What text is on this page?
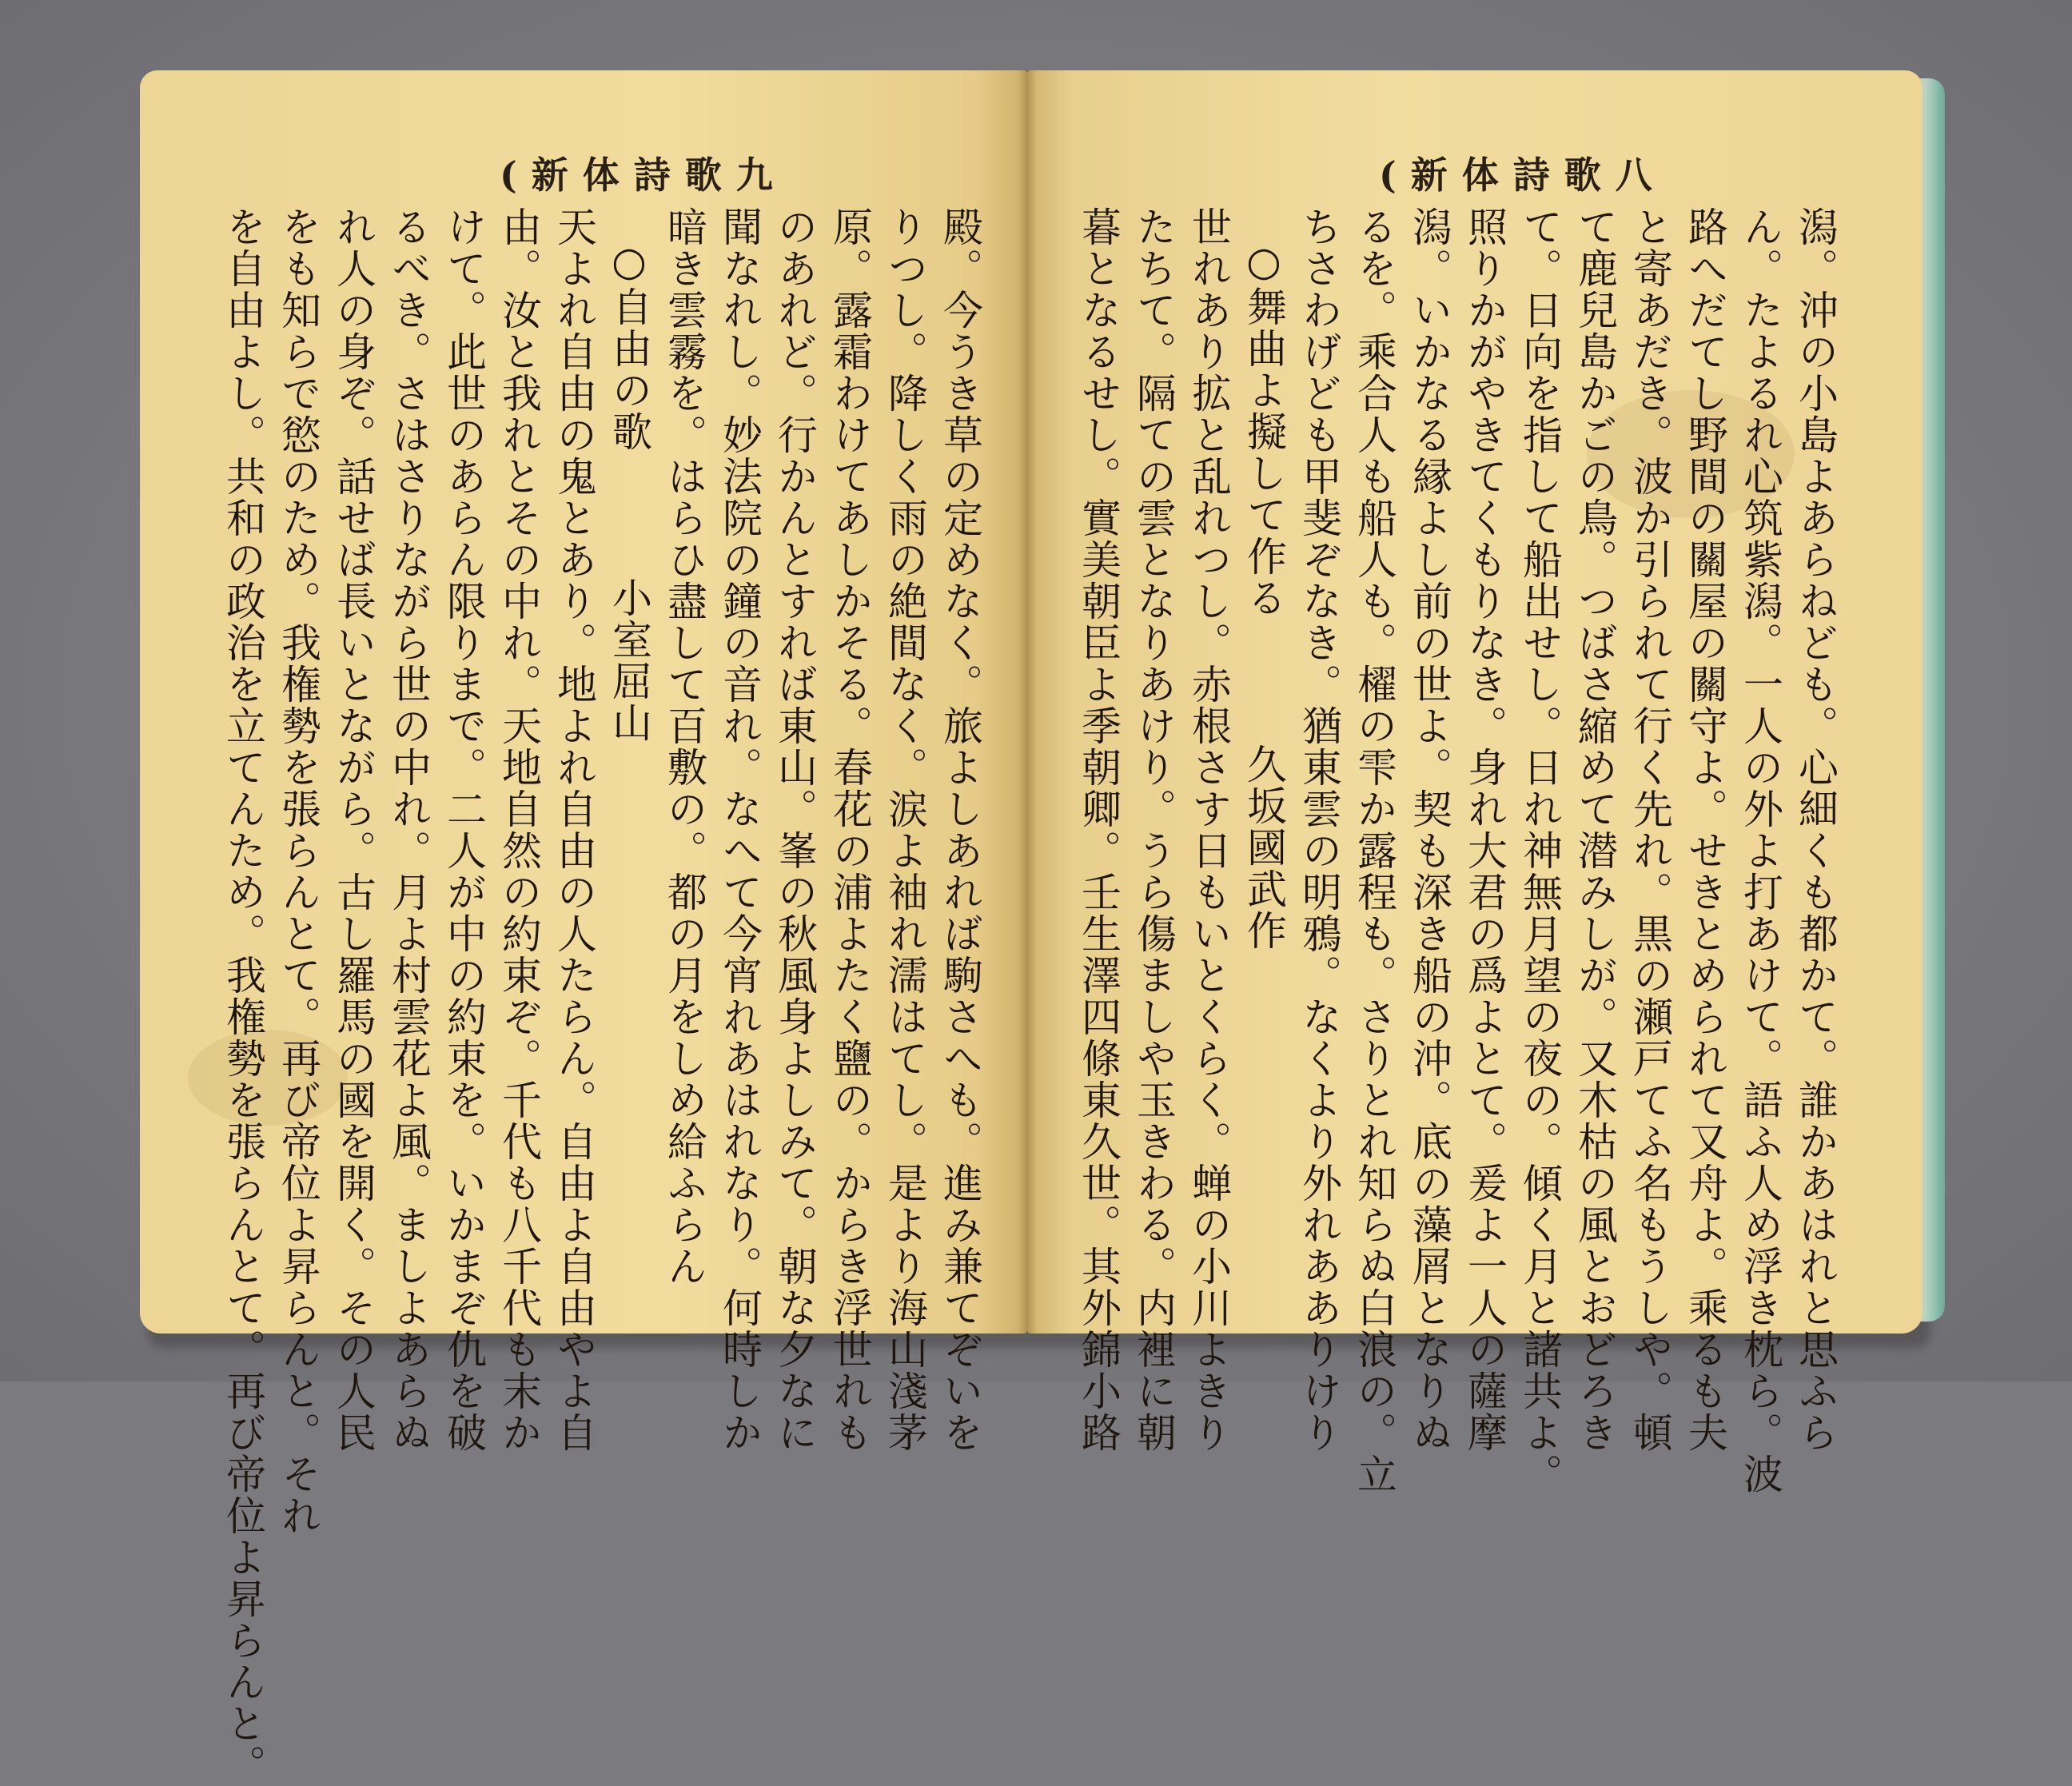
(新体詩歌九
殿。今うき草の定めなく。旅よしあれば駒さへも。進み兼てぞいを
りつし。降しく雨の絶間なく。涙よ袖れ濡はてし。是より海山淺茅
原。露霜わけてあしかそる。春花の浦よたく鹽の。からき浮世れも
のあれど。行かんとすれば東山。峯の秋風身よしみて。朝な夕なに
聞なれし。妙法院の鐘の音れ。なへて今宵れあはれなり。何時しか
暗き雲霧を。はらひ盡して百敷の。都の月をしめ給ふらん
○自由の歌　　　小室屈山
天よれ自由の鬼とあり。地よれ自由の人たらん。自由よ自由やよ自
由。汝と我れとその中れ。天地自然の約束ぞ。千代も八千代も末か
けて。此世のあらん限りまで。二人が中の約束を。いかまぞ仇を破
るべき。さはさりながら世の中れ。月よ村雲花よ風。ましよあらぬ
れ人の身ぞ。話せば長いとながら。古し羅馬の國を開く。その人民
をも知らで慾のため。我権勢を張らんとて。再び帝位よ昇らんと。それ
を自由よし。共和の政治を立てんため。我権勢を張らんとて。再び帝位よ昇らんと。
(新体詩歌八
潟。沖の小島よあらねども。心細くも都かて。誰かあはれと思ふら
ん。たよるれ心筑紫潟。一人の外よ打あけて。語ふ人め浮き枕ら。波
路へだてし野間の關屋の關守よ。せきとめられて又舟よ。乘るも夫
と寄あだき。波か引られて行く先れ。黒の瀬戸てふ名もうしや。頓
て鹿兒島かごの鳥。つばさ縮めて潜みしが。又木枯の風とおどろき
て。日向を指して船出せし。日れ神無月望の夜の。傾く月と諸共よ。
照りかがやきてくもりなき。身れ大君の爲よとて。爰よ一人の薩摩
潟。いかなる縁よし前の世よ。契も深き船の沖。底の藻屑となりぬ
るを。乘合人も船人も。櫂の雫か露程も。さりとれ知らぬ白浪の。立
ちさわげども甲斐ぞなき。猶東雲の明鴉。なくより外れあありけり
○舞曲よ擬して作る　　　久坂國武作
世れあり拡と乱れつし。赤根さす日もいとくらく。蝉の小川よきり
たちて。隔ての雲となりあけり。うら傷ましや玉きわる。内裡に朝
暮となるせし。實美朝臣よ季朝卿。壬生澤四條東久世。其外錦小路
